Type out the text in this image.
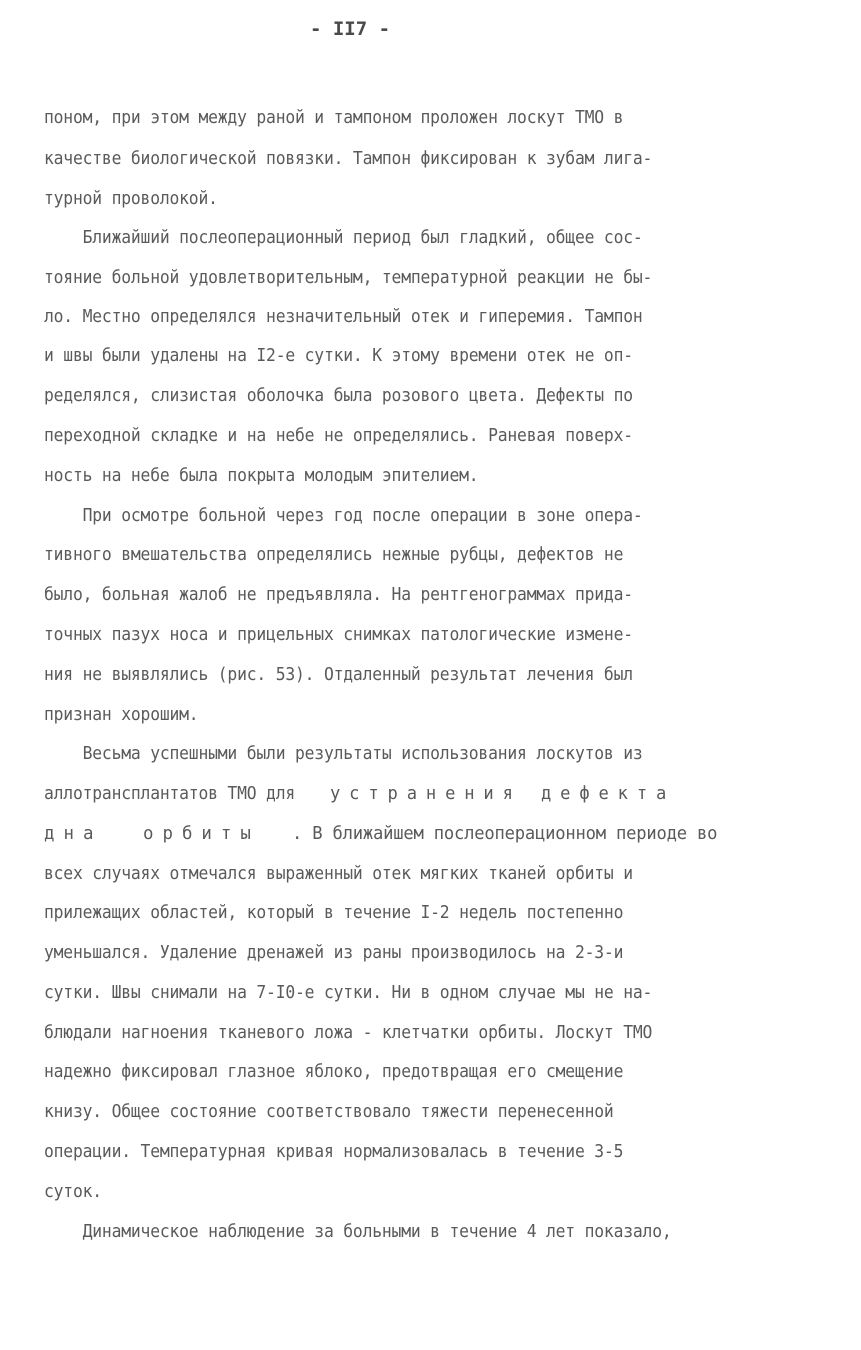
- II7 -
поном, при этом между раной и тампоном проложен лоскут ТМО в
качестве биологической повязки. Тампон фиксирован к зубам лига-
турной проволокой.
Ближайший послеоперационный период был гладкий, общее сос-
тояние больной удовлетворительным, температурной реакции не бы-
ло. Местно определялся незначительный отек и гиперемия. Тампон
и швы были удалены на I2-е сутки. К этому времени отек не оп-
ределялся, слизистая оболочка была розового цвета. Дефекты по
переходной складке и на небе не определялись. Раневая поверх-
ность на небе была покрыта молодым эпителием.
При осмотре больной через год после операции в зоне опера-
тивного вмешательства определялись нежные рубцы, дефектов не
было, больная жалоб не предъявляла. На рентгенограммах прида-
точных пазух носа и прицельных снимках патологические измене-
ния не выявлялись (рис. 53). Отдаленный результат лечения был
признан хорошим.
Весьма успешными были результаты использования лоскутов из
аллотрансплантатов ТМО для	устранения дефекта
дна	орбиты	. В ближайшем послеоперационном периоде во
всех случаях отмечался выраженный отек мягких тканей орбиты и
прилежащих областей, который в течение I-2 недель постепенно
уменьшался. Удаление дренажей из раны производилось на 2-3-и
сутки. Швы снимали на 7-I0-е сутки. Ни в одном случае мы не на-
блюдали нагноения тканевого ложа - клетчатки орбиты. Лоскут ТМО
надежно фиксировал глазное яблоко, предотвращая его смещение
книзу. Общее состояние соответствовало тяжести перенесенной
операции. Температурная кривая нормализовалась в течение 3-5
суток.
Динамическое наблюдение за больными в течение 4 лет показало,
